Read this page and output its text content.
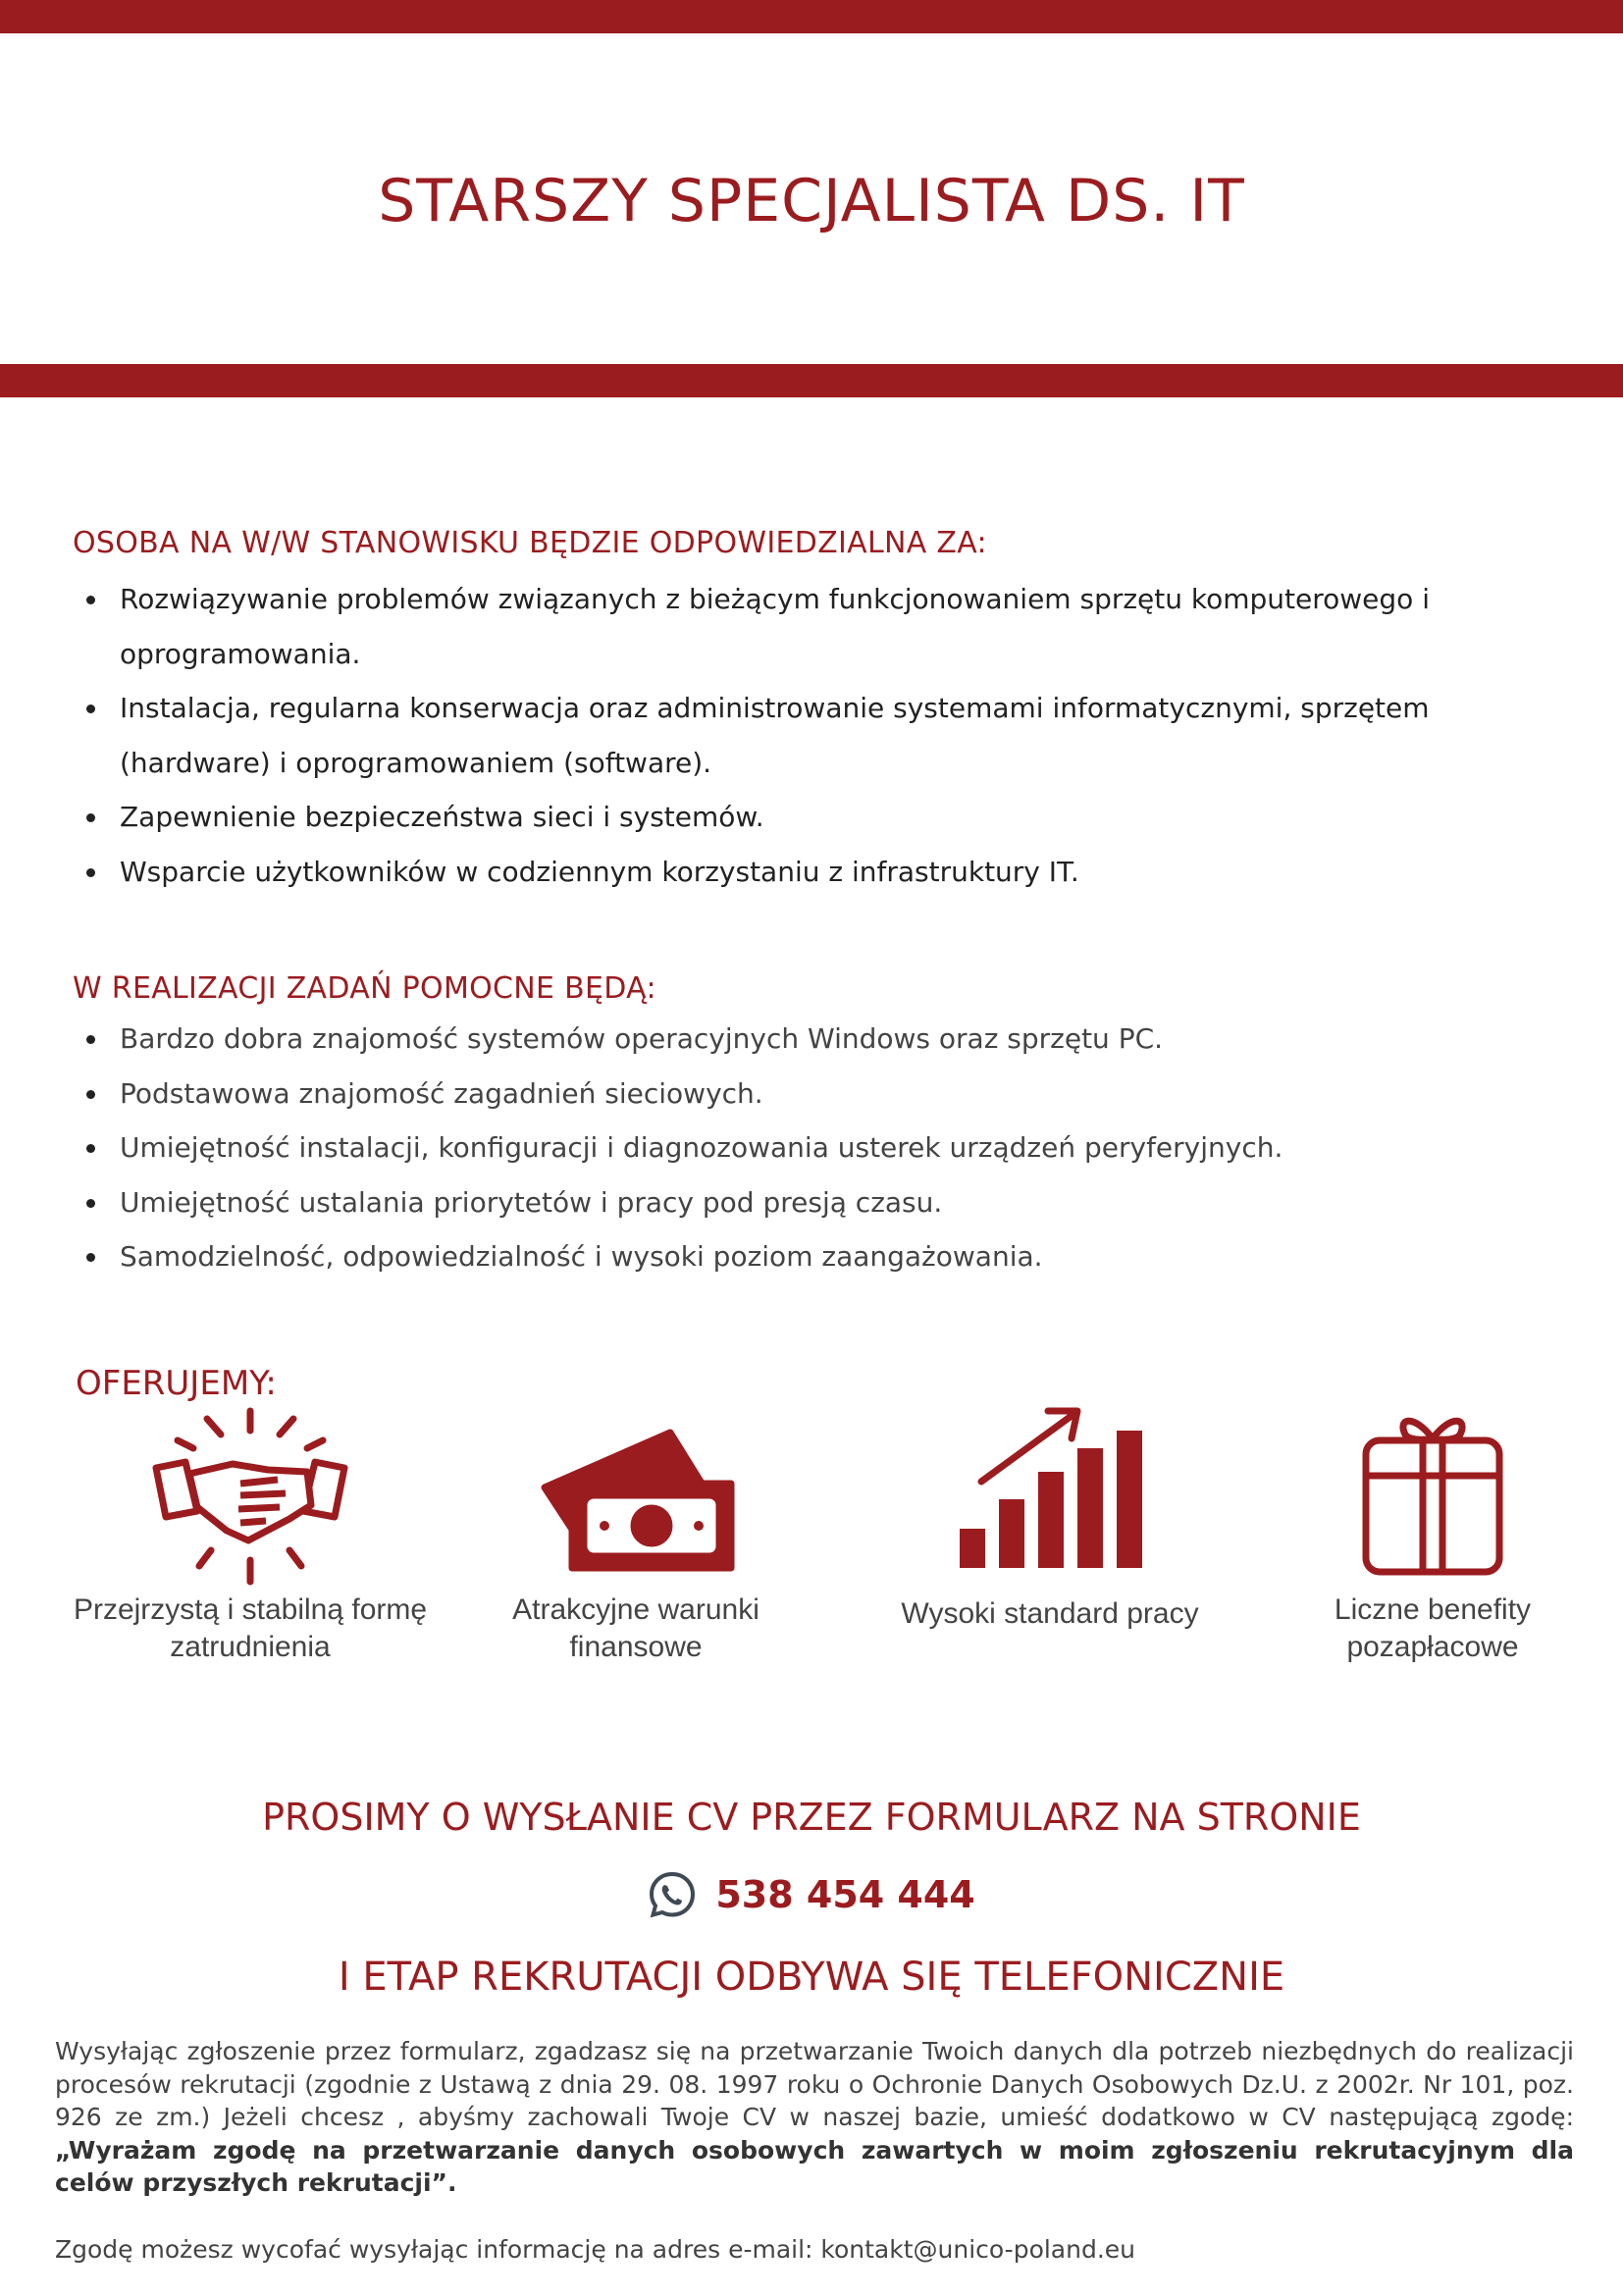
STARSZY SPECJALISTA DS. IT
OSOBA NA W/W STANOWISKU BĘDZIE ODPOWIEDZIALNA ZA:
Rozwiązywanie problemów związanych z bieżącym funkcjonowaniem sprzętu komputerowego i oprogramowania.
Instalacja, regularna konserwacja oraz administrowanie systemami informatycznymi, sprzętem (hardware) i oprogramowaniem (software).
Zapewnienie bezpieczeństwa sieci i systemów.
Wsparcie użytkowników w codziennym korzystaniu z infrastruktury IT.
W REALIZACJI ZADAŃ POMOCNE BĘDĄ:
Bardzo dobra znajomość systemów operacyjnych Windows oraz sprzętu PC.
Podstawowa znajomość zagadnień sieciowych.
Umiejętność instalacji, konfiguracji i diagnozowania usterek urządzeń peryferyjnych.
Umiejętność ustalania priorytetów i pracy pod presją czasu.
Samodzielność, odpowiedzialność i wysoki poziom zaangażowania.
OFERUJEMY:
Przejrzystą i stabilną formę
zatrudnienia
Atrakcyjne warunki
finansowe
Wysoki standard pracy	Liczne benefity
pozapłacowe
PROSIMY O WYSŁANIE CV PRZEZ FORMULARZ NA STRONIE
538 454 444
I ETAP REKRUTACJI ODBYWA SIĘ TELEFONICZNIE
Wysyłając zgłoszenie przez formularz, zgadzasz się na przetwarzanie Twoich danych dla potrzeb niezbędnych do realizacji procesów rekrutacji (zgodnie z Ustawą z dnia 29. 08. 1997 roku o Ochronie Danych Osobowych Dz.U. z 2002r. Nr 101, poz. 926 ze zm.) Jeżeli chcesz , abyśmy zachowali Twoje CV w naszej bazie, umieść dodatkowo w CV następującą zgodę: „Wyrażam zgodę na przetwarzanie danych osobowych zawartych w moim zgłoszeniu rekrutacyjnym dla celów przyszłych rekrutacji”.
Zgodę możesz wycofać wysyłając informację na adres e-mail: kontakt@unico-poland.eu
